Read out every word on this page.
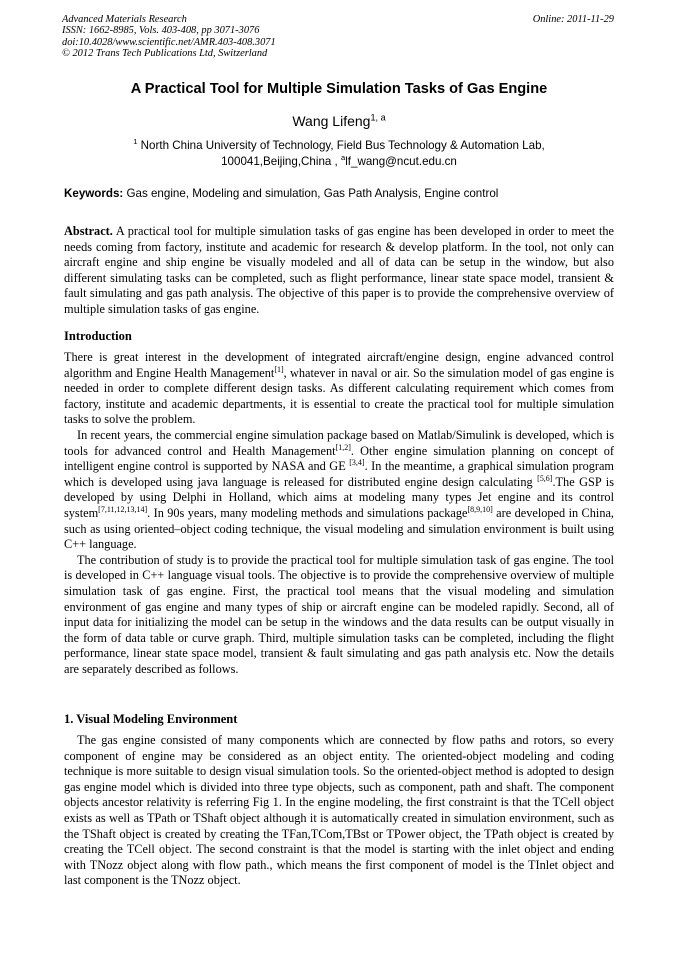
Advanced Materials Research
ISSN: 1662-8985, Vols. 403-408, pp 3071-3076
doi:10.4028/www.scientific.net/AMR.403-408.3071
© 2012 Trans Tech Publications Ltd, Switzerland
Online: 2011-11-29
A Practical Tool for Multiple Simulation Tasks of Gas Engine
Wang Lifeng$^{1, a}$
$^1$ North China University of Technology, Field Bus Technology & Automation Lab,
100041,Beijing,China , $^a$lf_wang@ncut.edu.cn
Keywords: Gas engine, Modeling and simulation, Gas Path Analysis, Engine control

Abstract. A practical tool for multiple simulation tasks of gas engine has been developed in order to meet the needs coming from factory, institute and academic for research & develop platform. In the tool, not only can aircraft engine and ship engine be visually modeled and all of data can be setup in the window, but also different simulating tasks can be completed, such as flight performance, linear state space model, transient & fault simulating and gas path analysis. The objective of this paper is to provide the comprehensive overview of multiple simulation tasks of gas engine.

Introduction

There is great interest in the development of integrated aircraft/engine design, engine advanced control algorithm and Engine Health Management[1], whatever in naval or air. So the simulation model of gas engine is needed in order to complete different design tasks. As different calculating requirement which comes from factory, institute and academic departments, it is essential to create the practical tool for multiple simulation tasks to solve the problem.

In recent years, the commercial engine simulation package based on Matlab/Simulink is developed, which is tools for advanced control and Health Management[1,2]. Other engine simulation planning on concept of intelligent engine control is supported by NASA and GE [3,4]. In the meantime, a graphical simulation program which is developed using java language is released for distributed engine design calculating [5,6].The GSP is developed by using Delphi in Holland, which aims at modeling many types Jet engine and its control system[7,11,12,13,14]. In 90s years, many modeling methods and simulations package[8,9,10] are developed in China, such as using oriented–object coding technique, the visual modeling and simulation environment is built using C++ language.

The contribution of study is to provide the practical tool for multiple simulation task of gas engine. The tool is developed in C++ language visual tools. The objective is to provide the comprehensive overview of multiple simulation task of gas engine. First, the practical tool means that the visual modeling and simulation environment of gas engine and many types of ship or aircraft engine can be modeled rapidly. Second, all of input data for initializing the model can be setup in the windows and the data results can be output visually in the form of data table or curve graph. Third, multiple simulation tasks can be completed, including the flight performance, linear state space model, transient & fault simulating and gas path analysis etc. Now the details are separately described as follows.

1. Visual Modeling Environment

The gas engine consisted of many components which are connected by flow paths and rotors, so every component of engine may be considered as an object entity. The oriented-object modeling and coding technique is more suitable to design visual simulation tools. So the oriented-object method is adopted to design gas engine model which is divided into three type objects, such as component, path and shaft. The component objects ancestor relativity is referring Fig 1. In the engine modeling, the first constraint is that the TCell object exists as well as TPath or TShaft object although it is automatically created in simulation environment, such as the TShaft object is created by creating the TFan,TCom,TBst or TPower object, the TPath object is created by creating the TCell object. The second constraint is that the model is starting with the inlet object and ending with TNozz object along with flow path., which means the first component of model is the TInlet object and last component is the TNozz object.
